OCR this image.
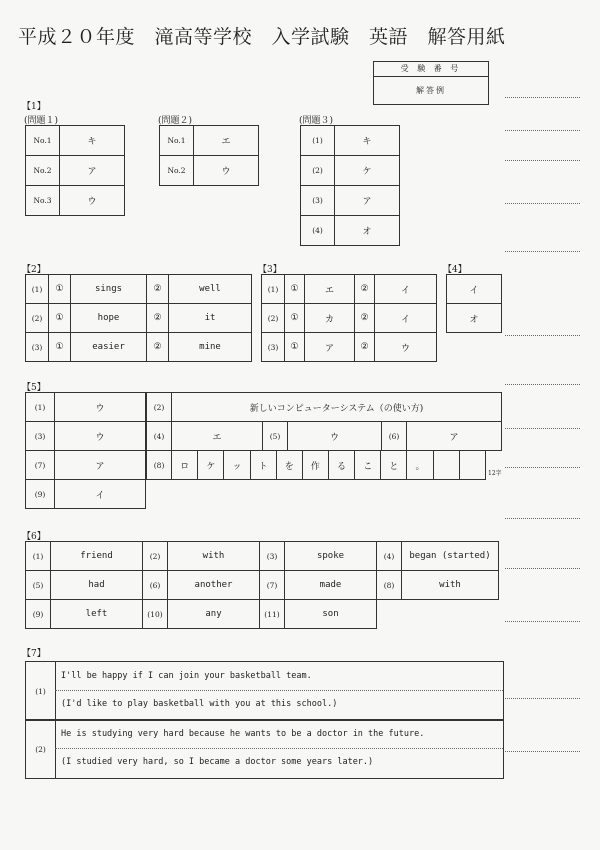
平成２０年度　滝高等学校　入学試験　英語　解答用紙
受 験 番 号
解答例
【1】
(問題１)
No.1	キ
No.2	ア
No.3	ウ
(問題２)
No.1	エ
No.2	ウ
(問題３)
(1)	キ
(2)	ケ
(3)	ア
(4)	オ
【2】
(1)	①	sings	②	well
(2)	①	hope	②	it
(3)	①	easier	②	mine
【3】
(1)	①	エ	②	イ
(2)	①	カ	②	イ
(3)	①	ア	②	ウ
【4】
イ
オ
【5】
(1)	ウ
(3)	ウ
(7)	ア
(9)	イ
(2)	新しいコンピューターシステム（の使い方)
(4)	エ	(5)	ウ	(6)	ア
(8)	ロ	ケ	ッ	ト	を	作	る	こ	と	。		
12字
【6】
(1)	friend	(2)	with	(3)	spoke	(4)	began (started)
(5)	had	(6)	another	(7)	made	(8)	with
(9)	left	(10)	any	(11)	son		
【7】
(1)
I'll be happy if I can join your basketball team.
(I'd like to play basketball with you at this school.)
(2)
He is studying very hard because he wants to be a doctor in the future.
(I studied very hard, so I became a doctor some years later.)
